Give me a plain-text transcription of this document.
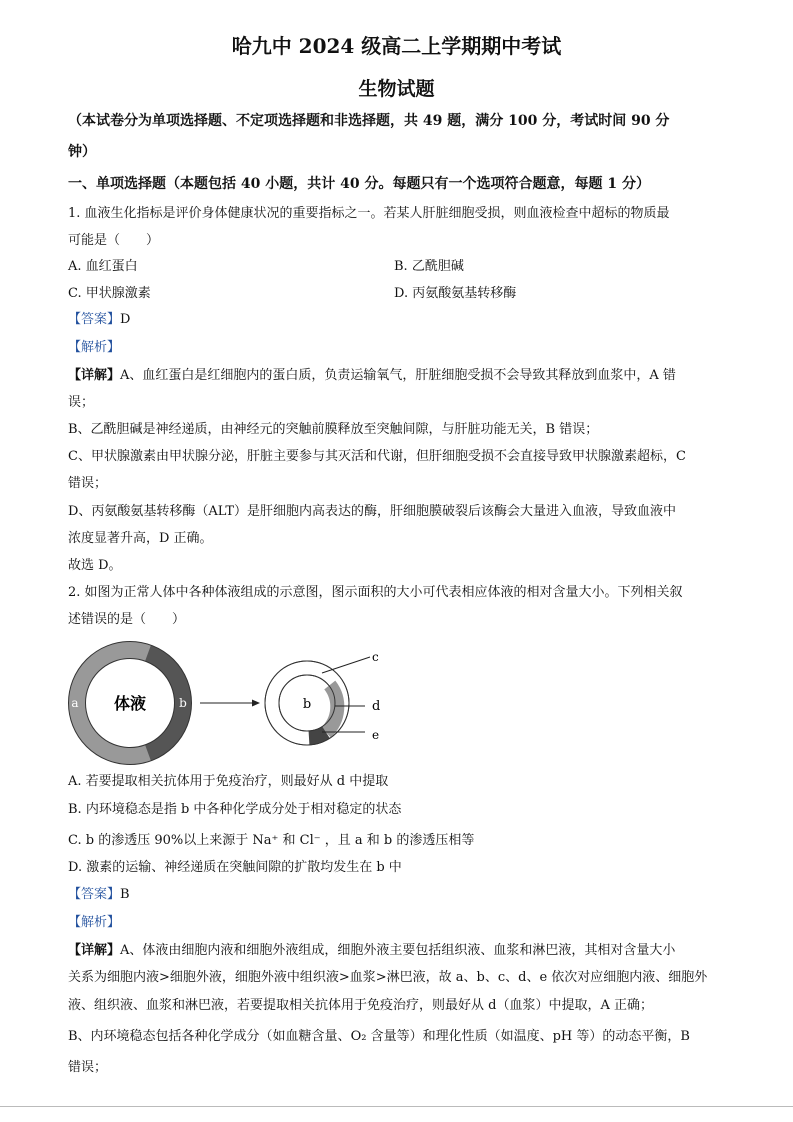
哈九中 2024 级高二上学期期中考试
生物试题
（本试卷分为单项选择题、不定项选择题和非选择题，共 49 题，满分 100 分，考试时间 90 分
钟）
一、单项选择题（本题包括 40 小题，共计 40 分。每题只有一个选项符合题意，每题 1 分）
1. 血液生化指标是评价身体健康状况的重要指标之一。若某人肝脏细胞受损，则血液检查中超标的物质最
可能是（　　）
A. 血红蛋白	B. 乙酰胆碱
C. 甲状腺激素	D. 丙氨酸氨基转移酶
【答案】D
【解析】
【详解】A、血红蛋白是红细胞内的蛋白质，负责运输氧气，肝脏细胞受损不会导致其释放到血浆中，A 错
误；
B、乙酰胆碱是神经递质，由神经元的突触前膜释放至突触间隙，与肝脏功能无关，B 错误；
C、甲状腺激素由甲状腺分泌，肝脏主要参与其灭活和代谢，但肝细胞受损不会直接导致甲状腺激素超标，C
错误；
D、丙氨酸氨基转移酶（ALT）是肝细胞内高表达的酶，肝细胞膜破裂后该酶会大量进入血液，导致血液中
浓度显著升高，D 正确。
故选 D。
2. 如图为正常人体中各种体液组成的示意图，图示面积的大小可代表相应体液的相对含量大小。下列相关叙
述错误的是（　　）
体液
a	b	b
c
d
e
A. 若要提取相关抗体用于免疫治疗，则最好从 d 中提取
B. 内环境稳态是指 b 中各种化学成分处于相对稳定的状态
C. b 的渗透压 90%以上来源于 Na⁺ 和 Cl⁻ ，且 a 和 b 的渗透压相等
D. 激素的运输、神经递质在突触间隙的扩散均发生在 b 中
【答案】B
【解析】
【详解】A、体液由细胞内液和细胞外液组成，细胞外液主要包括组织液、血浆和淋巴液，其相对含量大小
关系为细胞内液>细胞外液，细胞外液中组织液>血浆>淋巴液，故 a、b、c、d、e 依次对应细胞内液、细胞外
液、组织液、血浆和淋巴液，若要提取相关抗体用于免疫治疗，则最好从 d（血浆）中提取，A 正确；
B、内环境稳态包括各种化学成分（如血糖含量、O₂ 含量等）和理化性质（如温度、pH 等）的动态平衡，B
错误；
